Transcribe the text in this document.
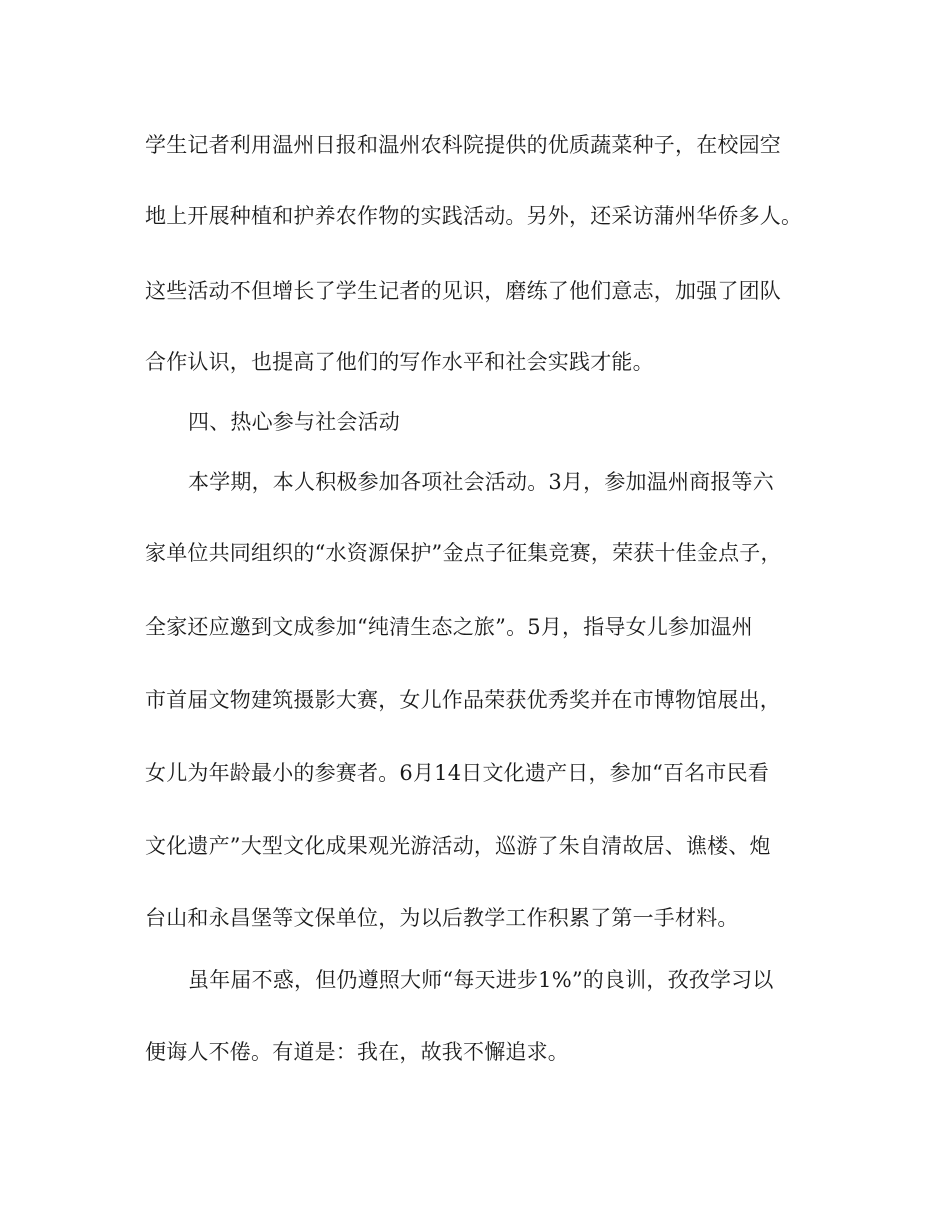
学生记者利用温州日报和温州农科院提供的优质蔬菜种子，在校园空
地上开展种植和护养农作物的实践活动。另外，还采访蒲州华侨多人。
这些活动不但增长了学生记者的见识，磨练了他们意志，加强了团队
合作认识，也提高了他们的写作水平和社会实践才能。
四、热心参与社会活动
本学期，本人积极参加各项社会活动。3月，参加温州商报等六
家单位共同组织的“水资源保护”金点子征集竞赛，荣获十佳金点子，
全家还应邀到文成参加“纯清生态之旅”。5月，指导女儿参加温州
市首届文物建筑摄影大赛，女儿作品荣获优秀奖并在市博物馆展出，
女儿为年龄最小的参赛者。6月14日文化遗产日，参加“百名市民看
文化遗产”大型文化成果观光游活动，巡游了朱自清故居、谯楼、炮
台山和永昌堡等文保单位，为以后教学工作积累了第一手材料。
虽年届不惑，但仍遵照大师“每天进步1%”的良训，孜孜学习以
便诲人不倦。有道是：我在，故我不懈追求。
